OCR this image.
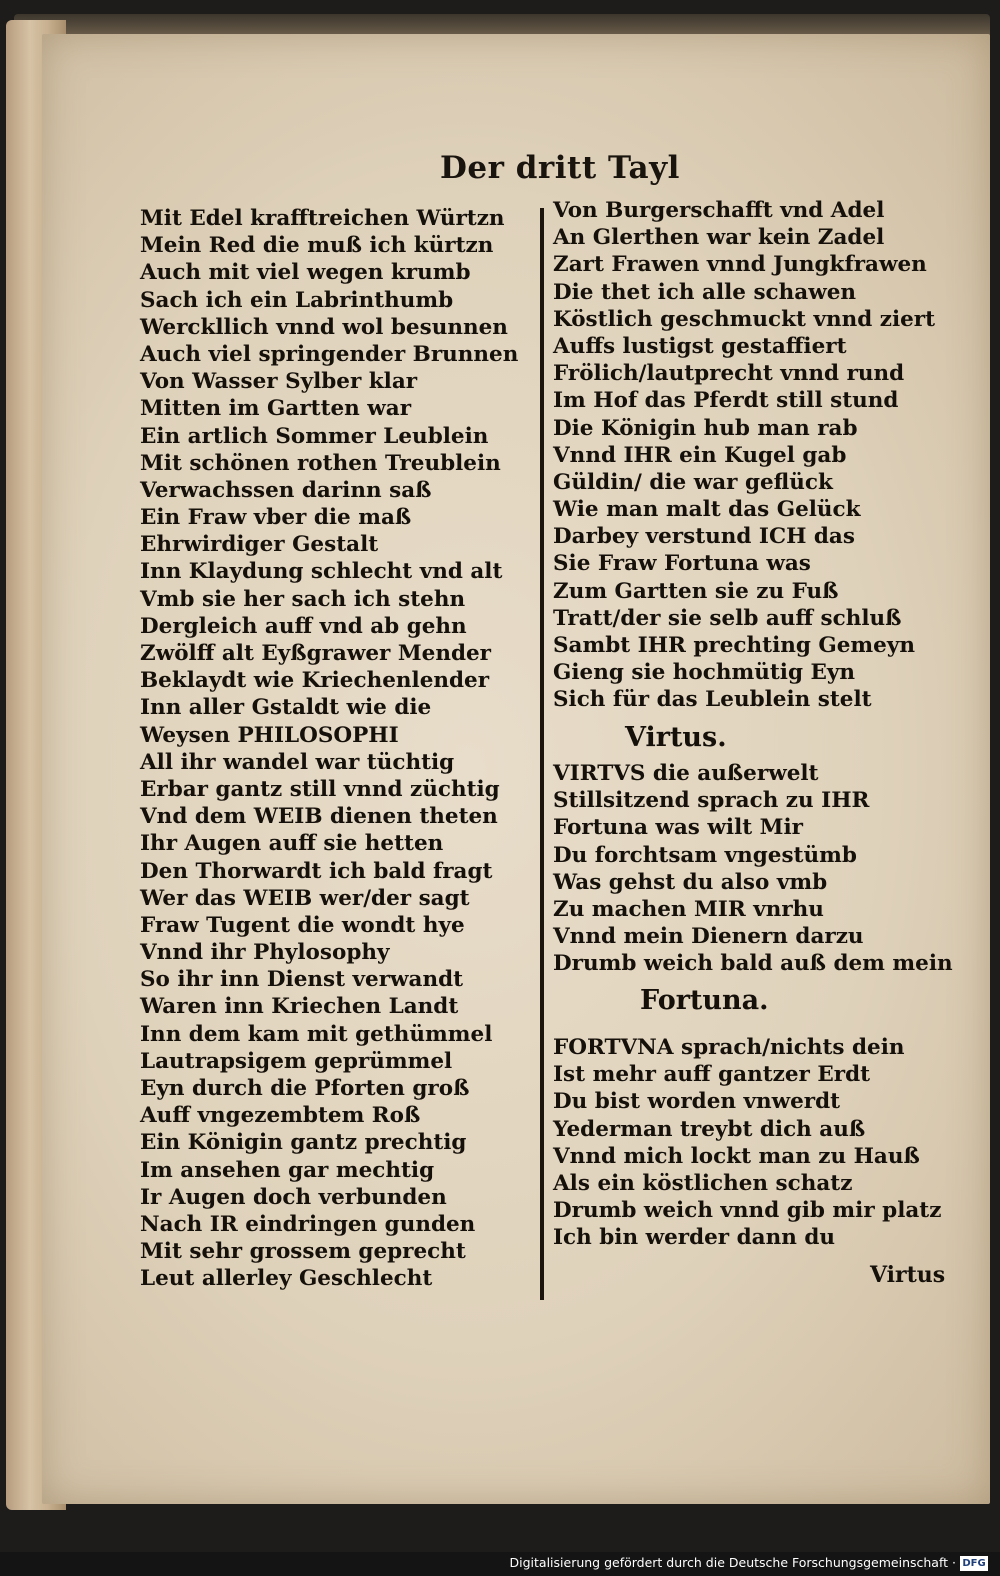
Der dritt Tayl
Mit Edel krafftreichen Würtzn
Mein Red die muß ich kürtzn
Auch mit viel wegen krumb
Sach ich ein Labrinthumb
Werckllich vnnd wol besunnen
Auch viel springender Brunnen
Von Wasser Sylber klar
Mitten im Gartten war
Ein artlich Sommer Leublein
Mit schönen rothen Treublein
Verwachssen darinn saß
Ein Fraw vber die maß
Ehrwirdiger Gestalt
Inn Klaydung schlecht vnd alt
Vmb sie her sach ich stehn
Dergleich auff vnd ab gehn
Zwölff alt Eyßgrawer Mender
Beklaydt wie Kriechenlender
Inn aller Gstaldt wie die
Weysen PHILOSOPHI
All ihr wandel war tüchtig
Erbar gantz still vnnd züchtig
Vnd dem WEIB dienen theten
Ihr Augen auff sie hetten
Den Thorwardt ich bald fragt
Wer das WEIB wer/der sagt
Fraw Tugent die wondt hye
Vnnd ihr Phylosophy
So ihr inn Dienst verwandt
Waren inn Kriechen Landt
Inn dem kam mit gethümmel
Lautrapsigem geprümmel
Eyn durch die Pforten groß
Auff vngezembtem Roß
Ein Königin gantz prechtig
Im ansehen gar mechtig
Ir Augen doch verbunden
Nach IR eindringen gunden
Mit sehr grossem geprecht
Leut allerley Geschlecht
Von Burgerschafft vnd Adel
An Glerthen war kein Zadel
Zart Frawen vnnd Jungkfrawen
Die thet ich alle schawen
Köstlich geschmuckt vnnd ziert
Auffs lustigst gestaffiert
Frölich/lautprecht vnnd rund
Im Hof das Pferdt still stund
Die Königin hub man rab
Vnnd IHR ein Kugel gab
Güldin/ die war geflück
Wie man malt das Gelück
Darbey verstund ICH das
Sie Fraw Fortuna was
Zum Gartten sie zu Fuß
Tratt/der sie selb auff schluß
Sambt IHR prechting Gemeyn
Gieng sie hochmütig Eyn
Sich für das Leublein stelt
Virtus.
VIRTVS die außerwelt
Stillsitzend sprach zu IHR
Fortuna was wilt Mir
Du forchtsam vngestümb
Was gehst du also vmb
Zu machen MIR vnrhu
Vnnd mein Dienern darzu
Drumb weich bald auß dem mein
Fortuna.
FORTVNA sprach/nichts dein
Ist mehr auff gantzer Erdt
Du bist worden vnwerdt
Yederman treybt dich auß
Vnnd mich lockt man zu Hauß
Als ein köstlichen schatz
Drumb weich vnnd gib mir platz
Ich bin werder dann du
Virtus
Digitalisierung gefördert durch die Deutsche Forschungsgemeinschaft · DFG
